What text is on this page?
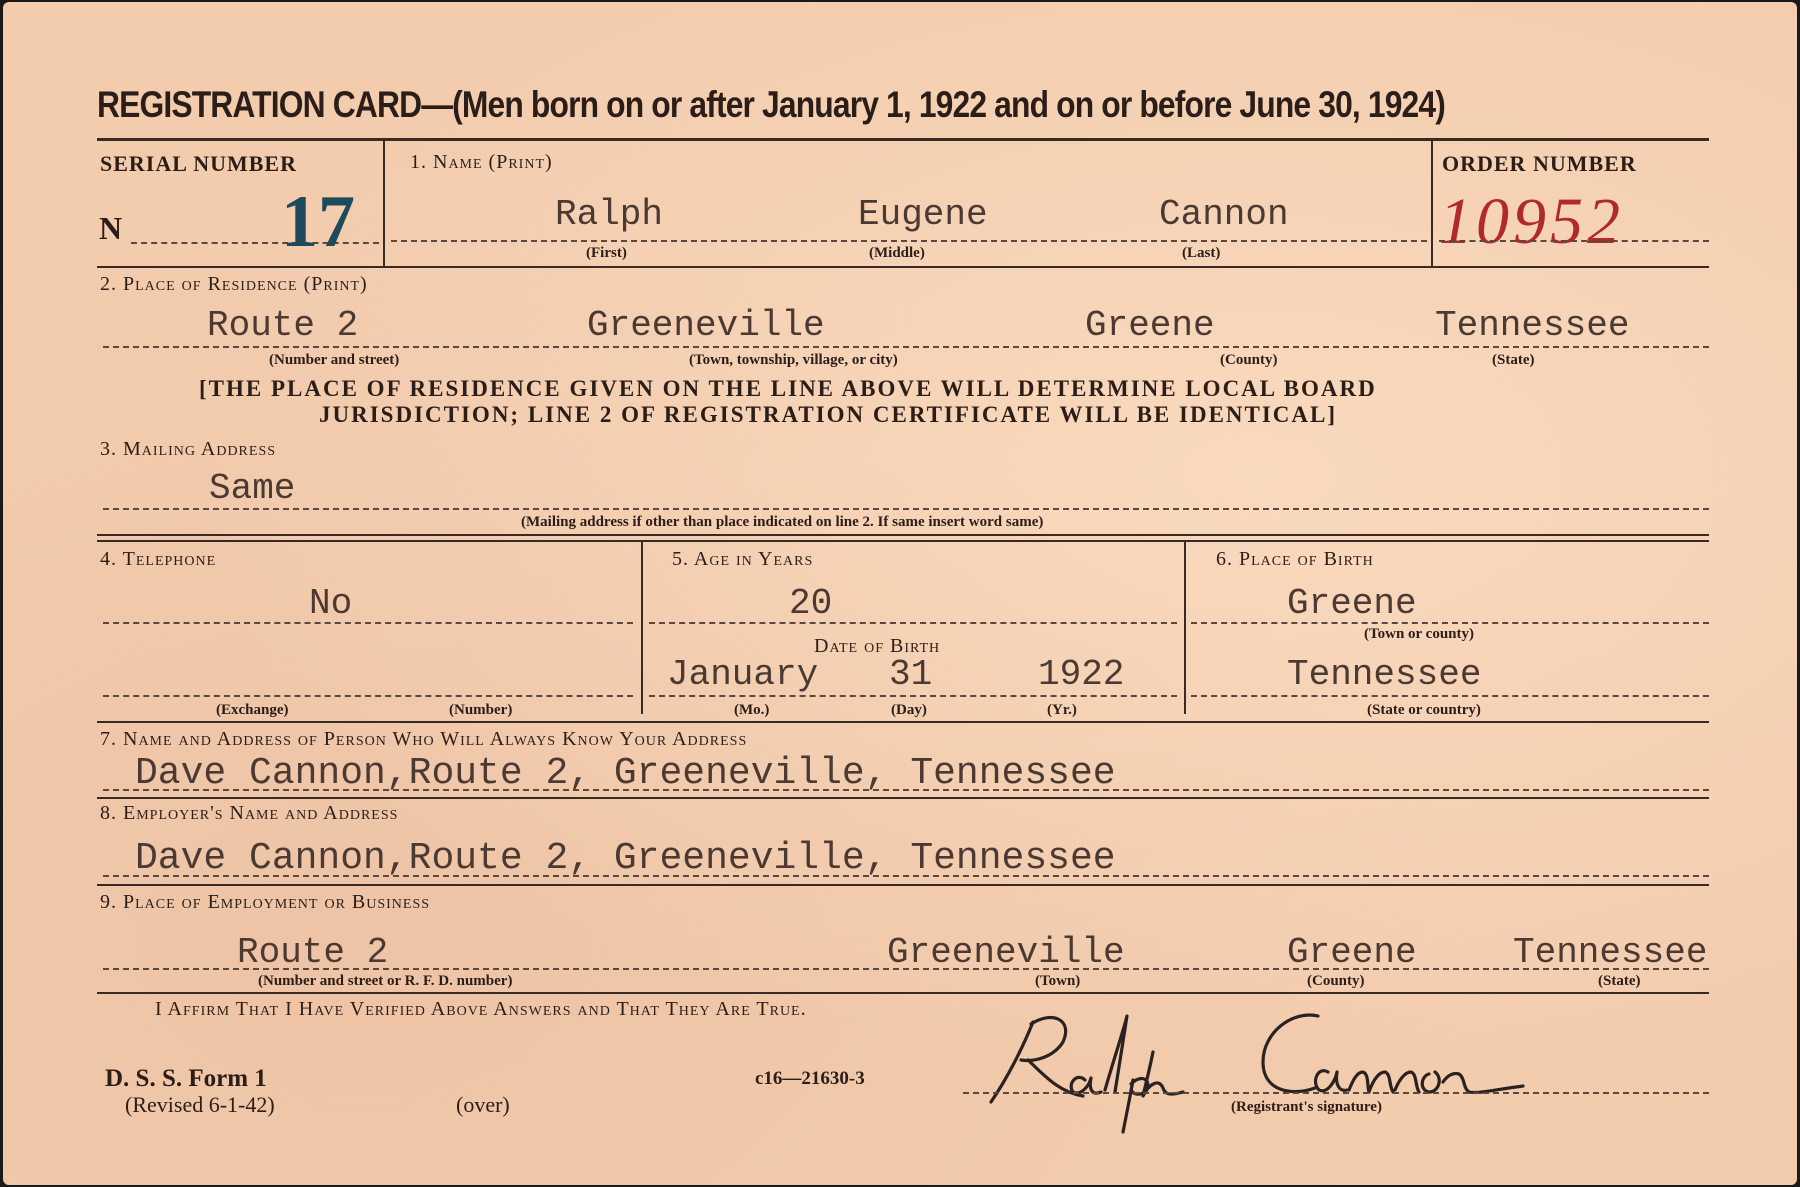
REGISTRATION CARD—(Men born on or after January 1, 1922 and on or before June 30, 1924)
SERIAL NUMBER
N 17
1. Name (Print)
Ralph	Eugene	Cannon
(First)	(Middle)	(Last)
ORDER NUMBER
10952
2. Place of Residence (Print)
Route 2	Greeneville	Greene	Tennessee
(Number and street)	(Town, township, village, or city)	(County)	(State)
[THE PLACE OF RESIDENCE GIVEN ON THE LINE ABOVE WILL DETERMINE LOCAL BOARD
JURISDICTION; LINE 2 OF REGISTRATION CERTIFICATE WILL BE IDENTICAL]
3. Mailing Address
Same
(Mailing address if other than place indicated on line 2. If same insert word same)
4. Telephone
No
(Exchange)	(Number)
5. Age in Years
20
Date of Birth
January 31	1922
(Mo.)	(Day)	(Yr.)
6. Place of Birth
Greene
(Town or county)
Tennessee
(State or country)
7. Name and Address of Person Who Will Always Know Your Address
Dave Cannon,Route 2, Greeneville, Tennessee
8. Employer's Name and Address
Dave Cannon,Route 2, Greeneville, Tennessee
9. Place of Employment or Business
Route 2	Greeneville	Greene	Tennessee
(Number and street or R. F. D. number)	(Town)	(County)	(State)
I Affirm That I Have Verified Above Answers and That They Are True.
D. S. S. Form 1
(Revised 6-1-42)	(over)
c16—21630-3
(Registrant's signature)
